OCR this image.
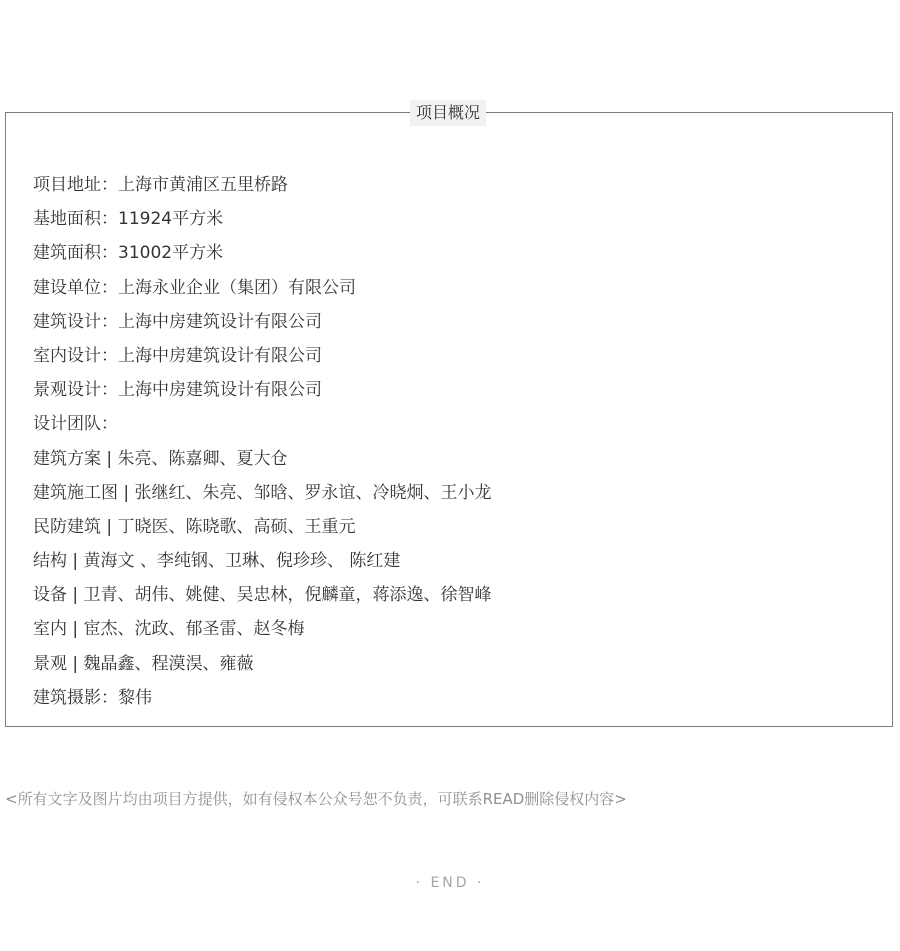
项目概况
项目地址：上海市黄浦区五里桥路
基地面积：11924平方米
建筑面积：31002平方米
建设单位：上海永业企业（集团）有限公司
建筑设计：上海中房建筑设计有限公司
室内设计：上海中房建筑设计有限公司
景观设计：上海中房建筑设计有限公司
设计团队：
建筑方案 | 朱亮、陈嘉卿、夏大仓
建筑施工图 | 张继红、朱亮、邹晗、罗永谊、冷晓炯、王小龙
民防建筑 | 丁晓医、陈晓歌、高硕、王重元
结构 | 黄海文 、李纯钢、卫琳、倪珍珍、 陈红建
设备 | 卫青、胡伟、姚健、吴忠林，倪麟童，蒋添逸、徐智峰
室内 | 宦杰、沈政、郁圣雷、赵冬梅
景观 | 魏晶鑫、程漠淏、雍薇
建筑摄影：黎伟
<所有文字及图片均由项目方提供，如有侵权本公众号恕不负责，可联系READ删除侵权内容>
· END ·
